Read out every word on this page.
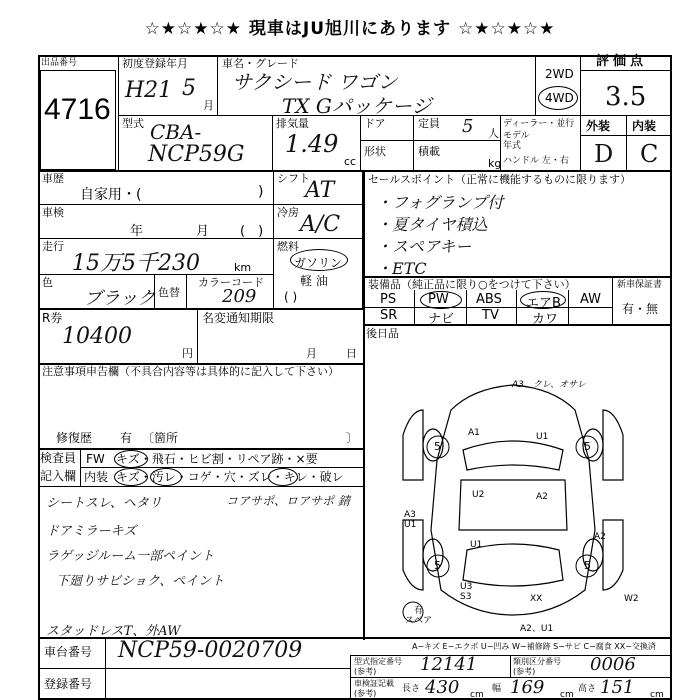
☆★☆★☆★ 現車はJU旭川にあります ☆★☆★☆★
出品番号
4716
初度登録年月
H21 5
月
車名・グレード
サクシード ワゴン
TX Gパッケージ
2WD
4WD
評価点
3.5
型式 CBA-
NCP59G
排気量
1.49
cc
ドア
形状
定員 5 人
積載
kg
ディーラー・並行
モデル
年式
ハンドル 左・右
外装 内装
D C
車歴
自家用・(	)
シフト
AT
車検
年	月 (　)
冷房 A/C
走行
15万5千230	km
燃料
ガソリン
軽 油
( )
色
ブラック 色替
カラーコード
209
R券
10400
円
名変通知期限
月	日
注意事項申告欄（不具合内容等は具体的に記入して下さい）
修復歴 有 〔箇所	〕
検査員
記入欄
FW キズ・飛石・ヒビ割・リペア跡・×要
内装 キズ・汚レ・コゲ・穴・ズレ・キレ・破レ
シートスレ、ヘタリ	コアサポ、ロアサポ 錆
ドアミラーキズ
ラゲッジルーム一部ペイント
下廻りサビショク、ペイント
スタッドレスT、外AW
セールスポイント（正常に機能するものに限ります）
・フォグランプ付
・夏タイヤ積込
・スペアキー
・ETC
装備品（純正品に限り○をつけて下さい）	新車保証書
有・無
PS PW ABS エアB AW
SR ナビ TV	カワ
後日品
A3、クレ、オサレ
A1	U1
5	5
U2	A2
A3
U1
U1
A2
5	5
U3
S3	XX	W2
A2、U1
有
スペア
A−キズ E−エクボ U−凹み W−補修跡 S−サビ C−腐食 XX−交換済
車台番号 NCP59-0020709
登録番号
型式指定番号
(参考)	12141	類別区分番号
(参考)	0006
車検証記載
(参考)	長さ 430 cm
幅 169 cm
高さ 151 cm
